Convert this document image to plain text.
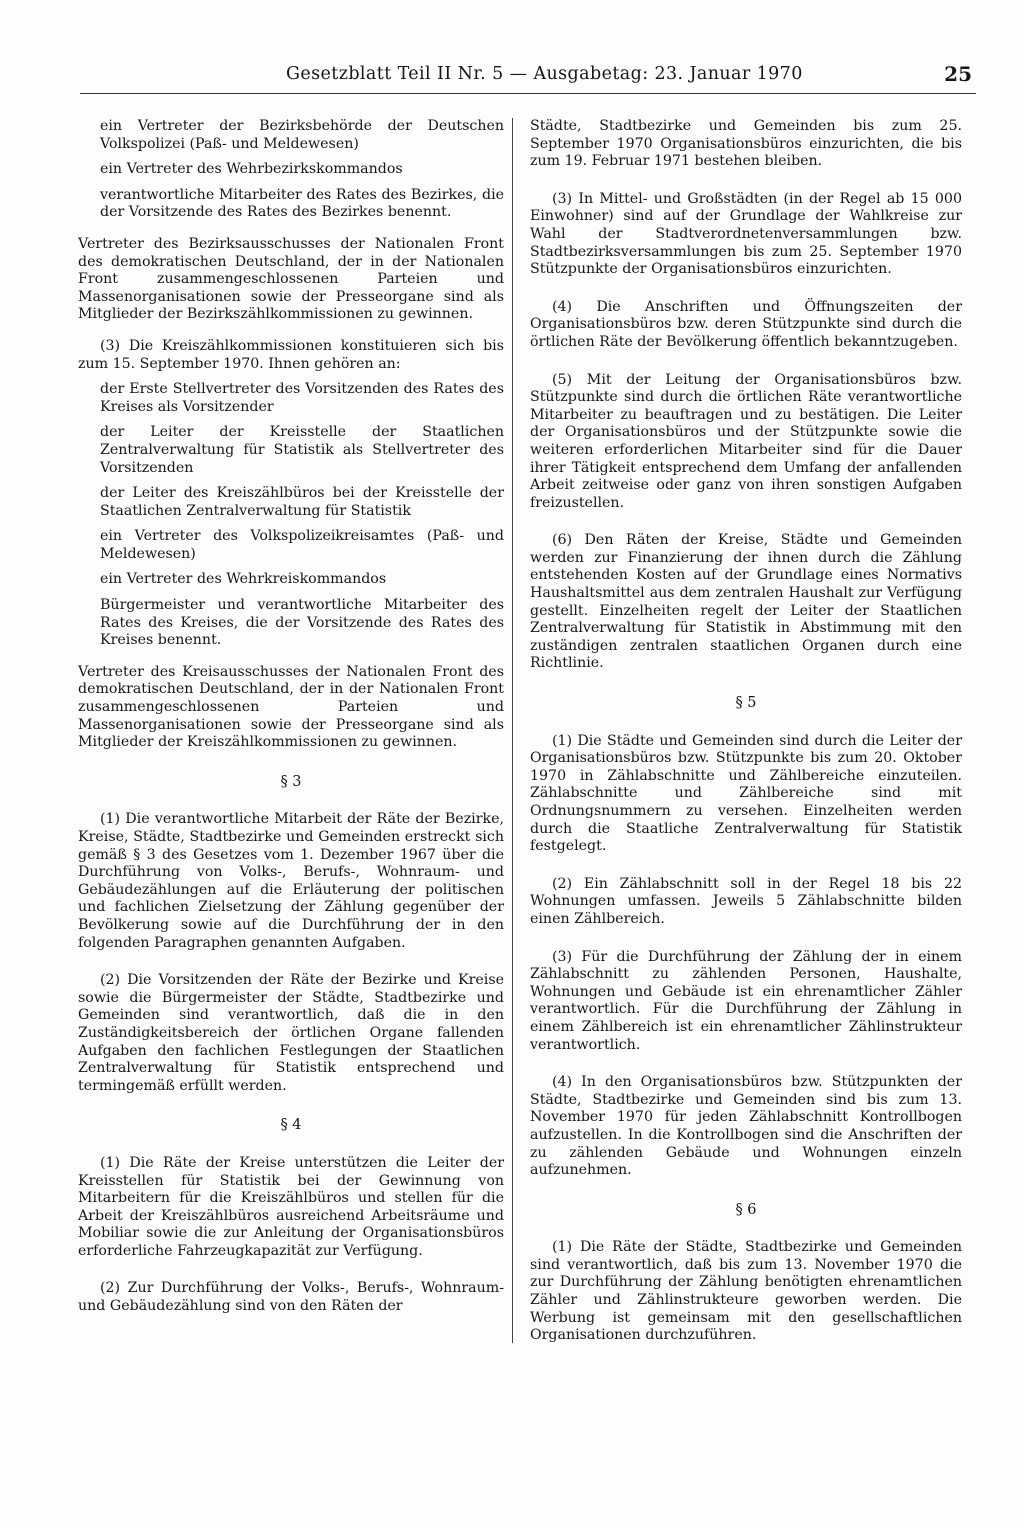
Gesetzblatt Teil II Nr. 5 — Ausgabetag: 23. Januar 1970	25

ein Vertreter der Bezirksbehörde der Deutschen Volkspolizei (Paß- und Meldewesen)

ein Vertreter des Wehrbezirkskommandos

verantwortliche Mitarbeiter des Rates des Bezirkes, die der Vorsitzende des Rates des Bezirkes benennt.

Vertreter des Bezirksausschusses der Nationalen Front des demokratischen Deutschland, der in der Nationalen Front zusammengeschlossenen Parteien und Massenorganisationen sowie der Presseorgane sind als Mitglieder der Bezirkszählkommissionen zu gewinnen.

(3) Die Kreiszählkommissionen konstituieren sich bis zum 15. September 1970. Ihnen gehören an:

der Erste Stellvertreter des Vorsitzenden des Rates des Kreises als Vorsitzender

der Leiter der Kreisstelle der Staatlichen Zentralverwaltung für Statistik als Stellvertreter des Vorsitzenden

der Leiter des Kreiszählbüros bei der Kreisstelle der Staatlichen Zentralverwaltung für Statistik

ein Vertreter des Volkspolizeikreisamtes (Paß- und Meldewesen)

ein Vertreter des Wehrkreiskommandos

Bürgermeister und verantwortliche Mitarbeiter des Rates des Kreises, die der Vorsitzende des Rates des Kreises benennt.

Vertreter des Kreisausschusses der Nationalen Front des demokratischen Deutschland, der in der Nationalen Front zusammengeschlossenen Parteien und Massenorganisationen sowie der Presseorgane sind als Mitglieder der Kreiszählkommissionen zu gewinnen.

§ 3

(1) Die verantwortliche Mitarbeit der Räte der Bezirke, Kreise, Städte, Stadtbezirke und Gemeinden erstreckt sich gemäß § 3 des Gesetzes vom 1. Dezember 1967 über die Durchführung von Volks-, Berufs-, Wohnraum- und Gebäudezählungen auf die Erläuterung der politischen und fachlichen Zielsetzung der Zählung gegenüber der Bevölkerung sowie auf die Durchführung der in den folgenden Paragraphen genannten Aufgaben.

(2) Die Vorsitzenden der Räte der Bezirke und Kreise sowie die Bürgermeister der Städte, Stadtbezirke und Gemeinden sind verantwortlich, daß die in den Zuständigkeitsbereich der örtlichen Organe fallenden Aufgaben den fachlichen Festlegungen der Staatlichen Zentralverwaltung für Statistik entsprechend und termingemäß erfüllt werden.

§ 4

(1) Die Räte der Kreise unterstützen die Leiter der Kreisstellen für Statistik bei der Gewinnung von Mitarbeitern für die Kreiszählbüros und stellen für die Arbeit der Kreiszählbüros ausreichend Arbeitsräume und Mobiliar sowie die zur Anleitung der Organisationsbüros erforderliche Fahrzeugkapazität zur Verfügung.

(2) Zur Durchführung der Volks-, Berufs-, Wohnraum- und Gebäudezählung sind von den Räten der

Städte, Stadtbezirke und Gemeinden bis zum 25. September 1970 Organisationsbüros einzurichten, die bis zum 19. Februar 1971 bestehen bleiben.

(3) In Mittel- und Großstädten (in der Regel ab 15 000 Einwohner) sind auf der Grundlage der Wahlkreise zur Wahl der Stadtverordnetenversammlungen bzw. Stadtbezirksversammlungen bis zum 25. September 1970 Stützpunkte der Organisationsbüros einzurichten.

(4) Die Anschriften und Öffnungszeiten der Organisationsbüros bzw. deren Stützpunkte sind durch die örtlichen Räte der Bevölkerung öffentlich bekanntzugeben.

(5) Mit der Leitung der Organisationsbüros bzw. Stützpunkte sind durch die örtlichen Räte verantwortliche Mitarbeiter zu beauftragen und zu bestätigen. Die Leiter der Organisationsbüros und der Stützpunkte sowie die weiteren erforderlichen Mitarbeiter sind für die Dauer ihrer Tätigkeit entsprechend dem Umfang der anfallenden Arbeit zeitweise oder ganz von ihren sonstigen Aufgaben freizustellen.

(6) Den Räten der Kreise, Städte und Gemeinden werden zur Finanzierung der ihnen durch die Zählung entstehenden Kosten auf der Grundlage eines Normativs Haushaltsmittel aus dem zentralen Haushalt zur Verfügung gestellt. Einzelheiten regelt der Leiter der Staatlichen Zentralverwaltung für Statistik in Abstimmung mit den zuständigen zentralen staatlichen Organen durch eine Richtlinie.

§ 5

(1) Die Städte und Gemeinden sind durch die Leiter der Organisationsbüros bzw. Stützpunkte bis zum 20. Oktober 1970 in Zählabschnitte und Zählbereiche einzuteilen. Zählabschnitte und Zählbereiche sind mit Ordnungsnummern zu versehen. Einzelheiten werden durch die Staatliche Zentralverwaltung für Statistik festgelegt.

(2) Ein Zählabschnitt soll in der Regel 18 bis 22 Wohnungen umfassen. Jeweils 5 Zählabschnitte bilden einen Zählbereich.

(3) Für die Durchführung der Zählung der in einem Zählabschnitt zu zählenden Personen, Haushalte, Wohnungen und Gebäude ist ein ehrenamtlicher Zähler verantwortlich. Für die Durchführung der Zählung in einem Zählbereich ist ein ehrenamtlicher Zählinstrukteur verantwortlich.

(4) In den Organisationsbüros bzw. Stützpunkten der Städte, Stadtbezirke und Gemeinden sind bis zum 13. November 1970 für jeden Zählabschnitt Kontrollbogen aufzustellen. In die Kontrollbogen sind die Anschriften der zu zählenden Gebäude und Wohnungen einzeln aufzunehmen.

§ 6

(1) Die Räte der Städte, Stadtbezirke und Gemeinden sind verantwortlich, daß bis zum 13. November 1970 die zur Durchführung der Zählung benötigten ehrenamtlichen Zähler und Zählinstrukteure geworben werden. Die Werbung ist gemeinsam mit den gesellschaftlichen Organisationen durchzuführen.
